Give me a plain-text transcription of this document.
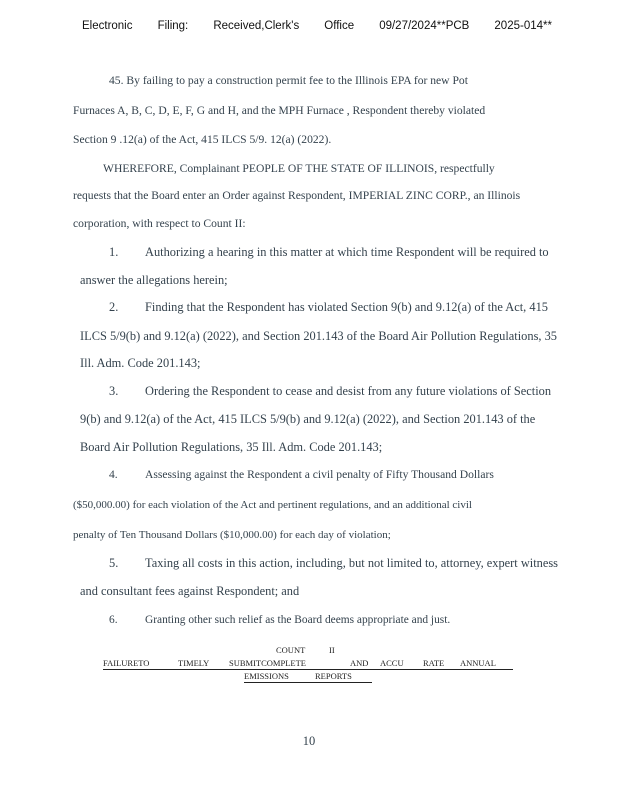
Electronic Filing: Received,Clerk's Office 09/27/2024**PCB 2025-014**
45. By failing to pay a construction permit fee to the Illinois EPA for new Pot
Furnaces A, B, C, D, E, F, G and H, and the MPH Furnace , Respondent thereby violated
Section 9 .12(a) of the Act, 415 ILCS 5/9. 12(a) (2022).
WHEREFORE, Complainant PEOPLE OF THE STATE OF ILLINOIS, respectfully
requests that the Board enter an Order against Respondent, IMPERIAL ZINC CORP., an Illinois
corporation, with respect to Count II:
1. Authorizing a hearing in this matter at which time Respondent will be required to
answer the allegations herein;
2. Finding that the Respondent has violated Section 9(b) and 9.12(a) of the Act, 415
ILCS 5/9(b) and 9.12(a) (2022), and Section 201.143 of the Board Air Pollution Regulations, 35
Ill. Adm. Code 201.143;
3. Ordering the Respondent to cease and desist from any future violations of Section
9(b) and 9.12(a) of the Act, 415 ILCS 5/9(b) and 9.12(a) (2022), and Section 201.143 of the
Board Air Pollution Regulations, 35 Ill. Adm. Code 201.143;
4. Assessing against the Respondent a civil penalty of Fifty Thousand Dollars
($50,000.00) for each violation of the Act and pertinent regulations, and an additional civil
penalty of Ten Thousand Dollars ($10,000.00) for each day of violation;
5. Taxing all costs in this action, including, but not limited to, attorney, expert witness
and consultant fees against Respondent; and
6. Granting other such relief as the Board deems appropriate and just.
COUNT	II
FAILURETO	TIMELY SUBMITCOMPLETE	AND ACCU RATE ANNUAL
EMISSIONS	REPORTS
10
